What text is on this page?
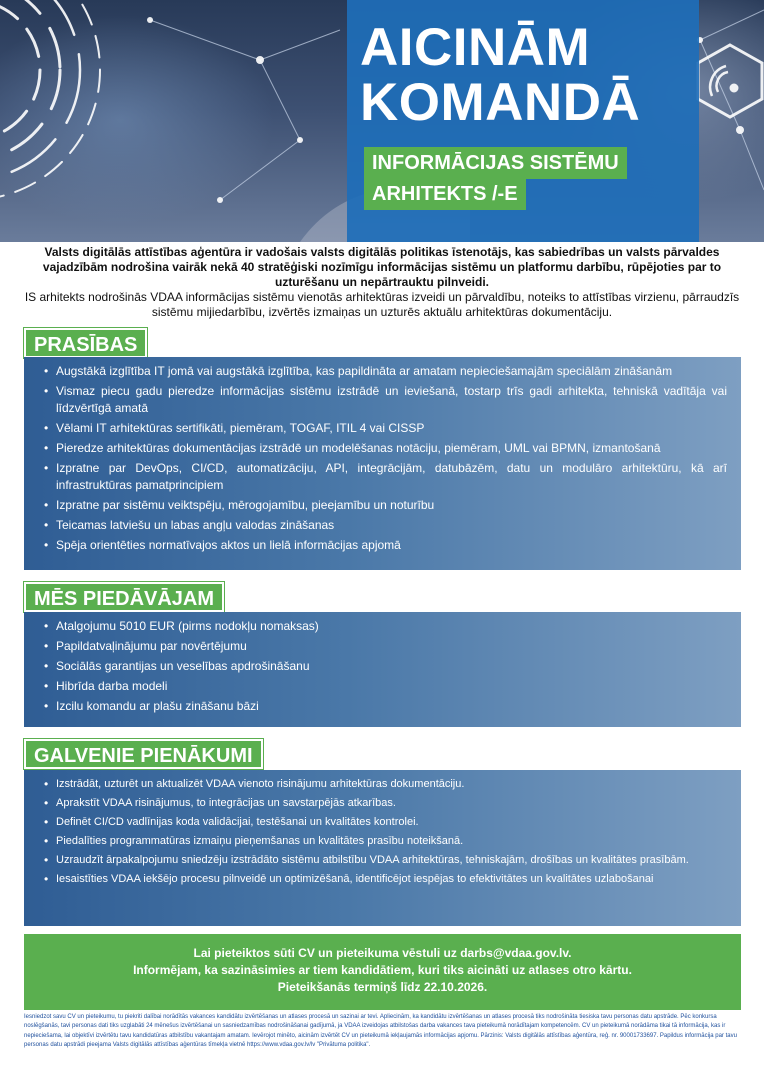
AICINĀM
KOMANDĀ
INFORMĀCIJAS SISTĒMU
ARHITEKTS /-E

Valsts digitālās attīstības aģentūra ir vadošais valsts digitālās politikas īstenotājs, kas sabiedrības un valsts pārvaldes vajadzībām nodrošina vairāk nekā 40 stratēģiski nozīmīgu informācijas sistēmu un platformu darbību, rūpējoties par to uzturēšanu un nepārtrauktu pilnveidi.

IS arhitekts nodrošinās VDAA informācijas sistēmu vienotās arhitektūras izveidi un pārvaldību, noteiks to attīstības virzienu, pārraudzīs sistēmu mijiedarbību, izvērtēs izmaiņas un uzturēs aktuālu arhitektūras dokumentāciju.

PRASĪBAS
• Augstākā izglītība IT jomā vai augstākā izglītība, kas papildināta ar amatam nepieciešamajām speciālām zināšanām
• Vismaz piecu gadu pieredze informācijas sistēmu izstrādē un ieviešanā, tostarp trīs gadi arhitekta, tehniskā vadītāja vai līdzvērtīgā amatā
• Vēlami IT arhitektūras sertifikāti, piemēram, TOGAF, ITIL 4 vai CISSP
• Pieredze arhitektūras dokumentācijas izstrādē un modelēšanas notāciju, piemēram, UML vai BPMN, izmantošanā
• Izpratne par DevOps, CI/CD, automatizāciju, API, integrācijām, datubāzēm, datu un modulāro arhitektūru, kā arī infrastruktūras pamatprincipiem
• Izpratne par sistēmu veiktspēju, mērogojamību, pieejamību un noturību
• Teicamas latviešu un labas angļu valodas zināšanas
• Spēja orientēties normatīvajos aktos un lielā informācijas apjomā
MĒS PIEDĀVĀJAM
• Atalgojumu 5010 EUR (pirms nodokļu nomaksas)
• Papildatvaļinājumu par novērtējumu
• Sociālās garantijas un veselības apdrošināšanu
• Hibrīda darba modeli
• Izcilu komandu ar plašu zināšanu bāzi
GALVENIE PIENĀKUMI
• Izstrādāt, uzturēt un aktualizēt VDAA vienoto risinājumu arhitektūras dokumentāciju.
• Aprakstīt VDAA risinājumus, to integrācijas un savstarpējās atkarības.
• Definēt CI/CD vadlīnijas koda validācijai, testēšanai un kvalitātes kontrolei.
• Piedalīties programmatūras izmaiņu pieņemšanas un kvalitātes prasību noteikšanā.
• Uzraudzīt ārpakalpojumu sniedzēju izstrādāto sistēmu atbilstību VDAA arhitektūras, tehniskajām, drošības un kvalitātes prasībām.
• Iesaistīties VDAA iekšējo procesu pilnveidē un optimizēšanā, identificējot iespējas to efektivitātes un kvalitātes uzlabošanai
Lai pieteiktos sūti CV un pieteikuma vēstuli uz darbs@vdaa.gov.lv.
Informējam, ka sazināsimies ar tiem kandidātiem, kuri tiks aicināti uz atlases otro kārtu.
Pieteikšanās termiņš līdz 22.10.2026.
Iesniedzot savu CV un pieteikumu, tu piekriti dalībai norādītās vakances kandidātu izvērtēšanas un atlases procesā un sazinai ar tevi. Apliecinām, ka kandidātu izvērtēšanas un atlases procesā tiks nodrošināta tiesiska tavu personas datu apstrāde. Pēc konkursa noslēgšanās, tavi personas dati tiks uzglabāti 24 mēnešus izvērtēšanai un sasniedzamības nodrošināšanai gadījumā, ja VDAA izveidojas atbilstošas darba vakances tava pieteikumā norādītajam kompetencēm. CV un pieteikumā norādāma tikai tā informācija, kas ir nepieciešama, lai objektīvi izvērtētu tavu kandidatūras atbilstību vakantajam amatam. Ievērojot minēto, aicinām izvērtēt CV un pieteikumā iekļaujamās informācijas apjomu. Pārzinis: Valsts digitālās attīstības aģentūra, reģ. nr. 90001733697. Papildus informācija par tavu personas datu apstrādi pieejama Valsts digitālās attīstības aģentūras tīmekļa vietnē https://www.vdaa.gov.lv/lv "Privātuma politika".
